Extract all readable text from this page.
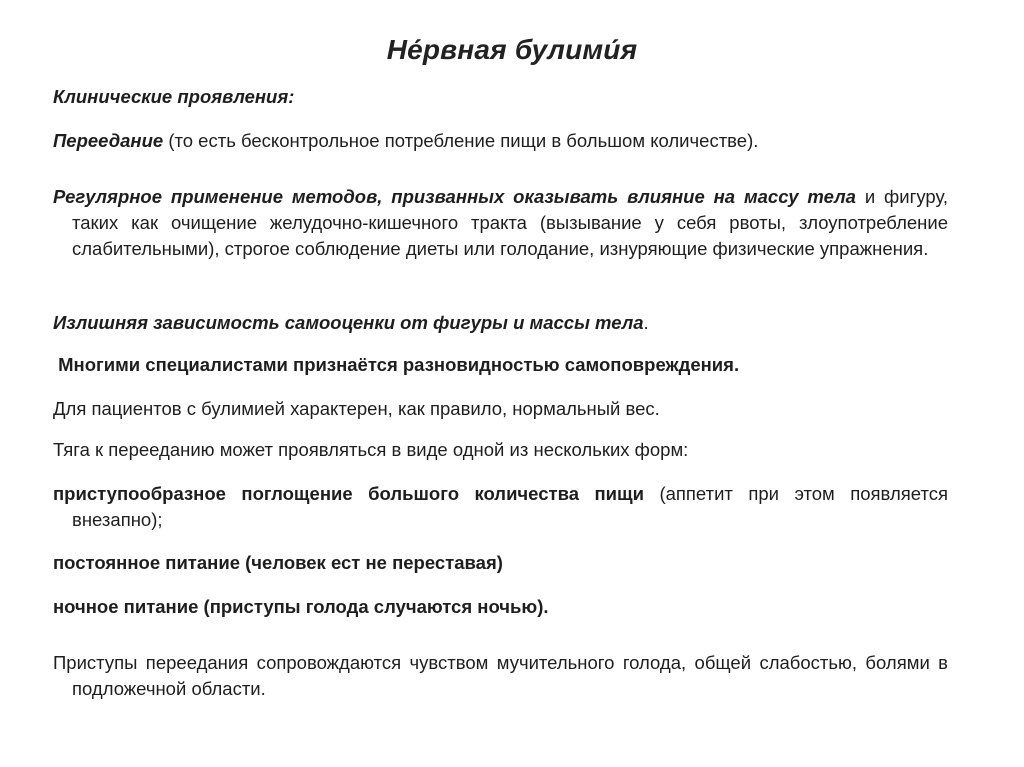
Не́рвная булими́я
Клинические проявления:
Переедание (то есть бесконтрольное потребление пищи в большом количестве).
Регулярное применение методов, призванных оказывать влияние на массу тела и фигуру, таких как очищение желудочно-кишечного тракта (вызывание у себя рвоты, злоупотребление слабительными), строгое соблюдение диеты или голодание, изнуряющие физические упражнения.
Излишняя зависимость самооценки от фигуры и массы тела.
Многими специалистами признаётся разновидностью самоповреждения.
Для пациентов с булимией характерен, как правило, нормальный вес.
Тяга к перееданию может проявляться в виде одной из нескольких форм:
приступообразное поглощение большого количества пищи (аппетит при этом появляется внезапно);
постоянное питание (человек ест не переставая)
ночное питание (приступы голода случаются ночью).
Приступы переедания сопровождаются чувством мучительного голода, общей слабостью, болями в подложечной области.
